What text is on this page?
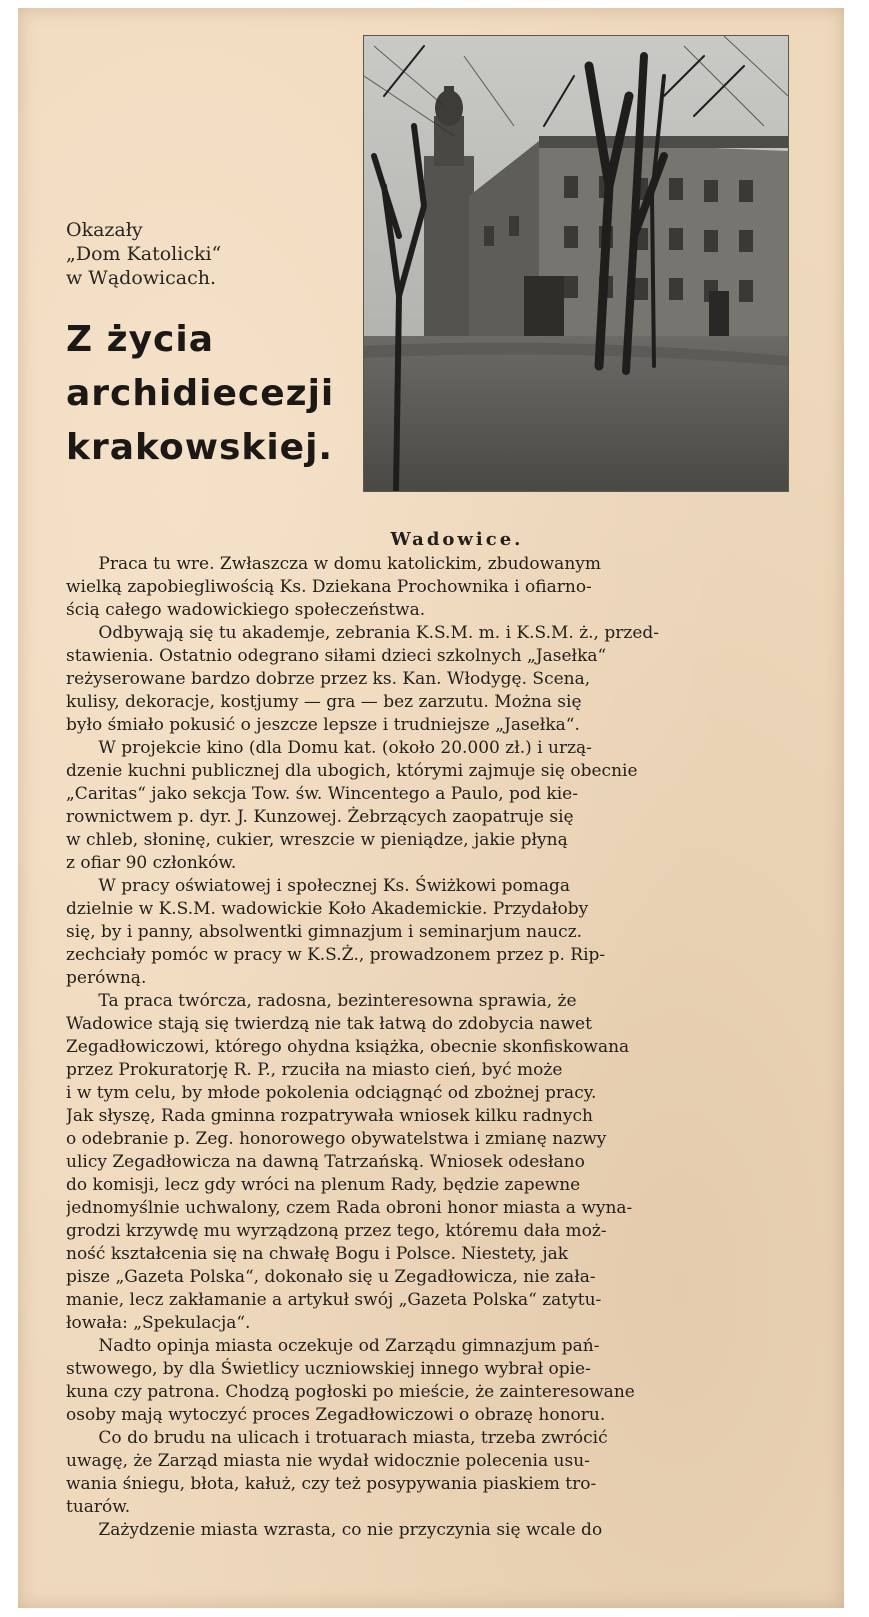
Okazały
„Dom Katolicki“
w Wądowicach.
Z życia
archidiecezji
krakowskiej.
Wadowice.
Praca tu wre. Zwłaszcza w domu katolickim, zbudowanym
wielką zapobiegliwością Ks. Dziekana Prochownika i ofiarno-
ścią całego wadowickiego społeczeństwa.
Odbywają się tu akademje, zebrania K.S.M. m. i K.S.M. ż., przed-
stawienia. Ostatnio odegrano siłami dzieci szkolnych „Jasełka“
reżyserowane bardzo dobrze przez ks. Kan. Włodygę. Scena,
kulisy, dekoracje, kostjumy — gra — bez zarzutu. Można się
było śmiało pokusić o jeszcze lepsze i trudniejsze „Jasełka“.
W projekcie kino (dla Domu kat. (około 20.000 zł.) i urzą-
dzenie kuchni publicznej dla ubogich, którymi zajmuje się obecnie
„Caritas“ jako sekcja Tow. św. Wincentego a Paulo, pod kie-
rownictwem p. dyr. J. Kunzowej. Żebrzących zaopatruje się
w chleb, słoninę, cukier, wreszcie w pieniądze, jakie płyną
z ofiar 90 członków.
W pracy oświatowej i społecznej Ks. Świżkowi pomaga
dzielnie w K.S.M. wadowickie Koło Akademickie. Przydałoby
się, by i panny, absolwentki gimnazjum i seminarjum naucz.
zechciały pomóc w pracy w K.S.Ż., prowadzonem przez p. Rip-
perówną.
Ta praca twórcza, radosna, bezinteresowna sprawia, że
Wadowice stają się twierdzą nie tak łatwą do zdobycia nawet
Zegadłowiczowi, którego ohydna książka, obecnie skonfiskowana
przez Prokuratorję R. P., rzuciła na miasto cień, być może
i w tym celu, by młode pokolenia odciągnąć od zbożnej pracy.
Jak słyszę, Rada gminna rozpatrywała wniosek kilku radnych
o odebranie p. Zeg. honorowego obywatelstwa i zmianę nazwy
ulicy Zegadłowicza na dawną Tatrzańską. Wniosek odesłano
do komisji, lecz gdy wróci na plenum Rady, będzie zapewne
jednomyślnie uchwalony, czem Rada obroni honor miasta a wyna-
grodzi krzywdę mu wyrządzoną przez tego, któremu dała moż-
ność kształcenia się na chwałę Bogu i Polsce. Niestety, jak
pisze „Gazeta Polska“, dokonało się u Zegadłowicza, nie zała-
manie, lecz zakłamanie a artykuł swój „Gazeta Polska“ zatytu-
łowała: „Spekulacja“.
Nadto opinja miasta oczekuje od Zarządu gimnazjum pań-
stwowego, by dla Świetlicy uczniowskiej innego wybrał opie-
kuna czy patrona. Chodzą pogłoski po mieście, że zainteresowane
osoby mają wytoczyć proces Zegadłowiczowi o obrazę honoru.
Co do brudu na ulicach i trotuarach miasta, trzeba zwrócić
uwagę, że Zarząd miasta nie wydał widocznie polecenia usu-
wania śniegu, błota, kałuż, czy też posypywania piaskiem tro-
tuarów.
Zażydzenie miasta wzrasta, co nie przyczynia się wcale do
